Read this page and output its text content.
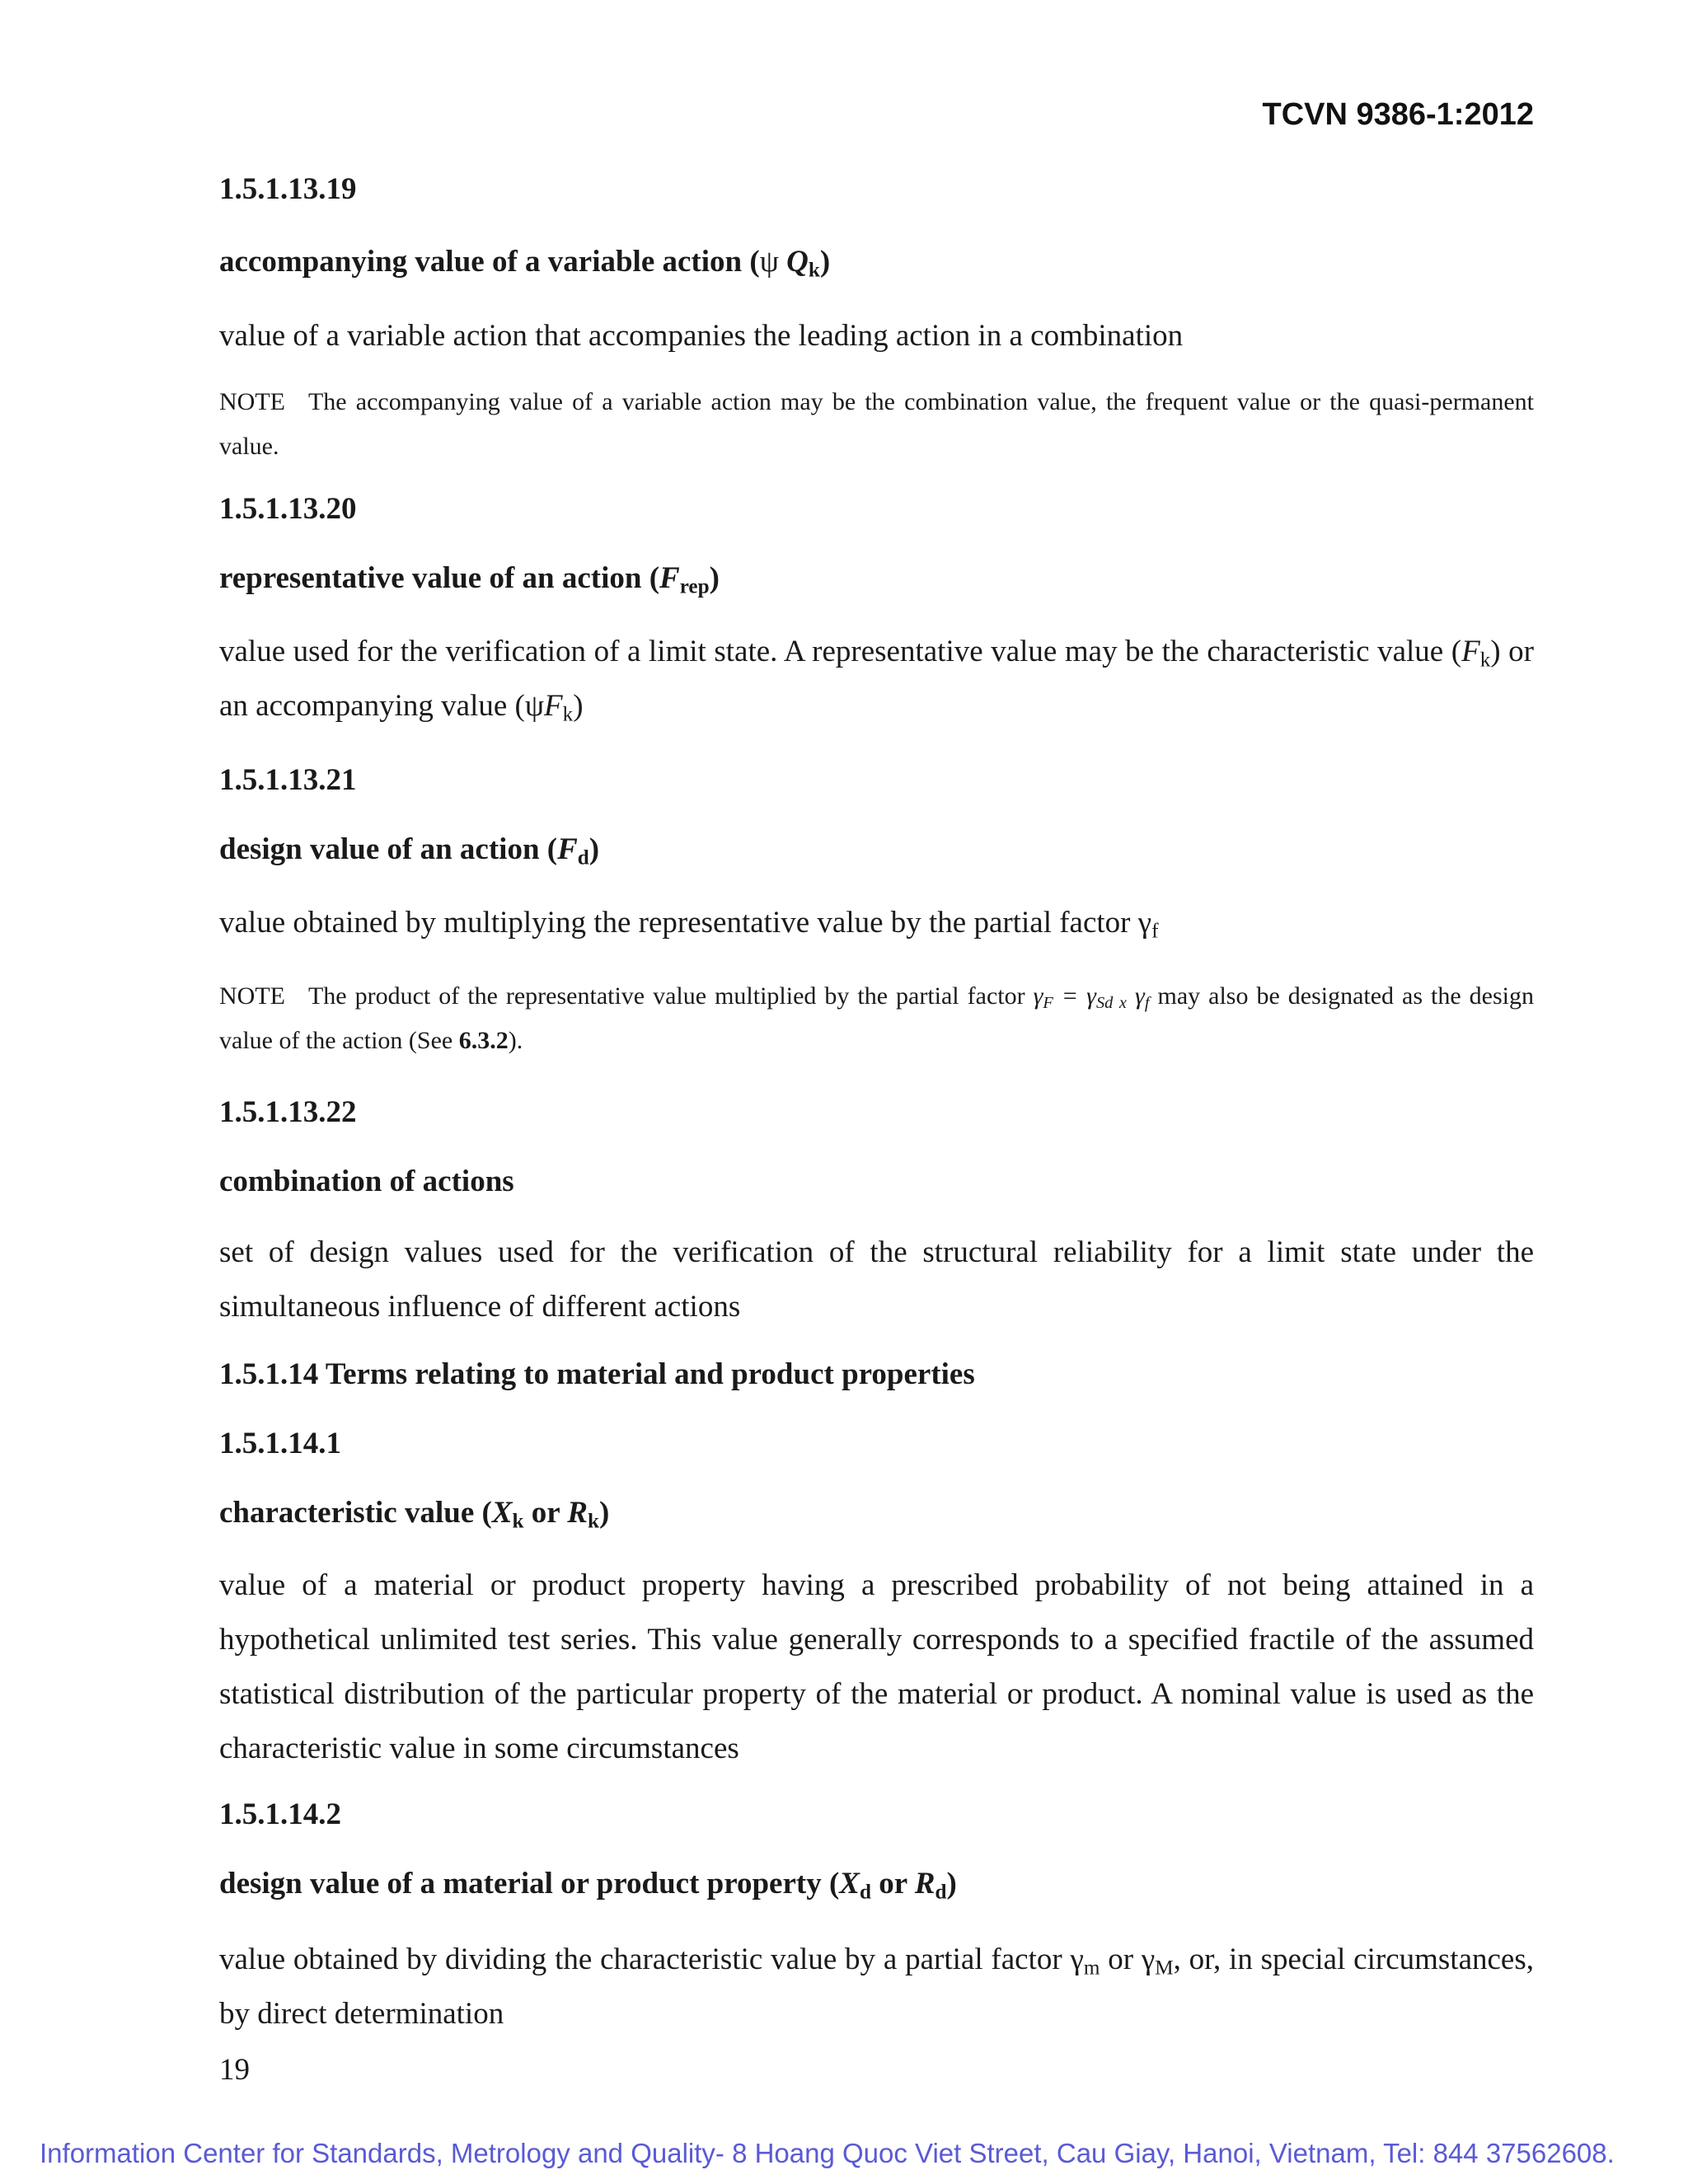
TCVN 9386-1:2012

1.5.1.13.19

accompanying value of a variable action (ψ $Q_k$)

value of a variable action that accompanies the leading action in a combination

NOTE The accompanying value of a variable action may be the combination value, the frequent value or the quasi-permanent value.

1.5.1.13.20

representative value of an action $(F_{rep})$

value used for the verification of a limit state. A representative value may be the characteristic value $(F_k)$ or an accompanying value $(\psi F_k)$

1.5.1.13.21

design value of an action $(F_d)$

value obtained by multiplying the representative value by the partial factor $\gamma_f$

NOTE The product of the representative value multiplied by the partial factor $\gamma_F = \gamma_{Sd x}$ $\gamma_f$ may also be designated as the design value of the action (See 6.3.2).

1.5.1.13.22

combination of actions

set of design values used for the verification of the structural reliability for a limit state under the simultaneous influence of different actions

1.5.1.14 Terms relating to material and product properties

1.5.1.14.1

characteristic value ($X_k$ or $R_k$)

value of a material or product property having a prescribed probability of not being attained in a hypothetical unlimited test series. This value generally corresponds to a specified fractile of the assumed statistical distribution of the particular property of the material or product. A nominal value is used as the characteristic value in some circumstances

1.5.1.14.2

design value of a material or product property ($X_d$ or $R_d$)

value obtained by dividing the characteristic value by a partial factor $\gamma_m$ or $\gamma_M$, or, in special circumstances, by direct determination

19
Information Center for Standards, Metrology and Quality- 8 Hoang Quoc Viet Street, Cau Giay, Hanoi, Vietnam, Tel: 844 37562608.
